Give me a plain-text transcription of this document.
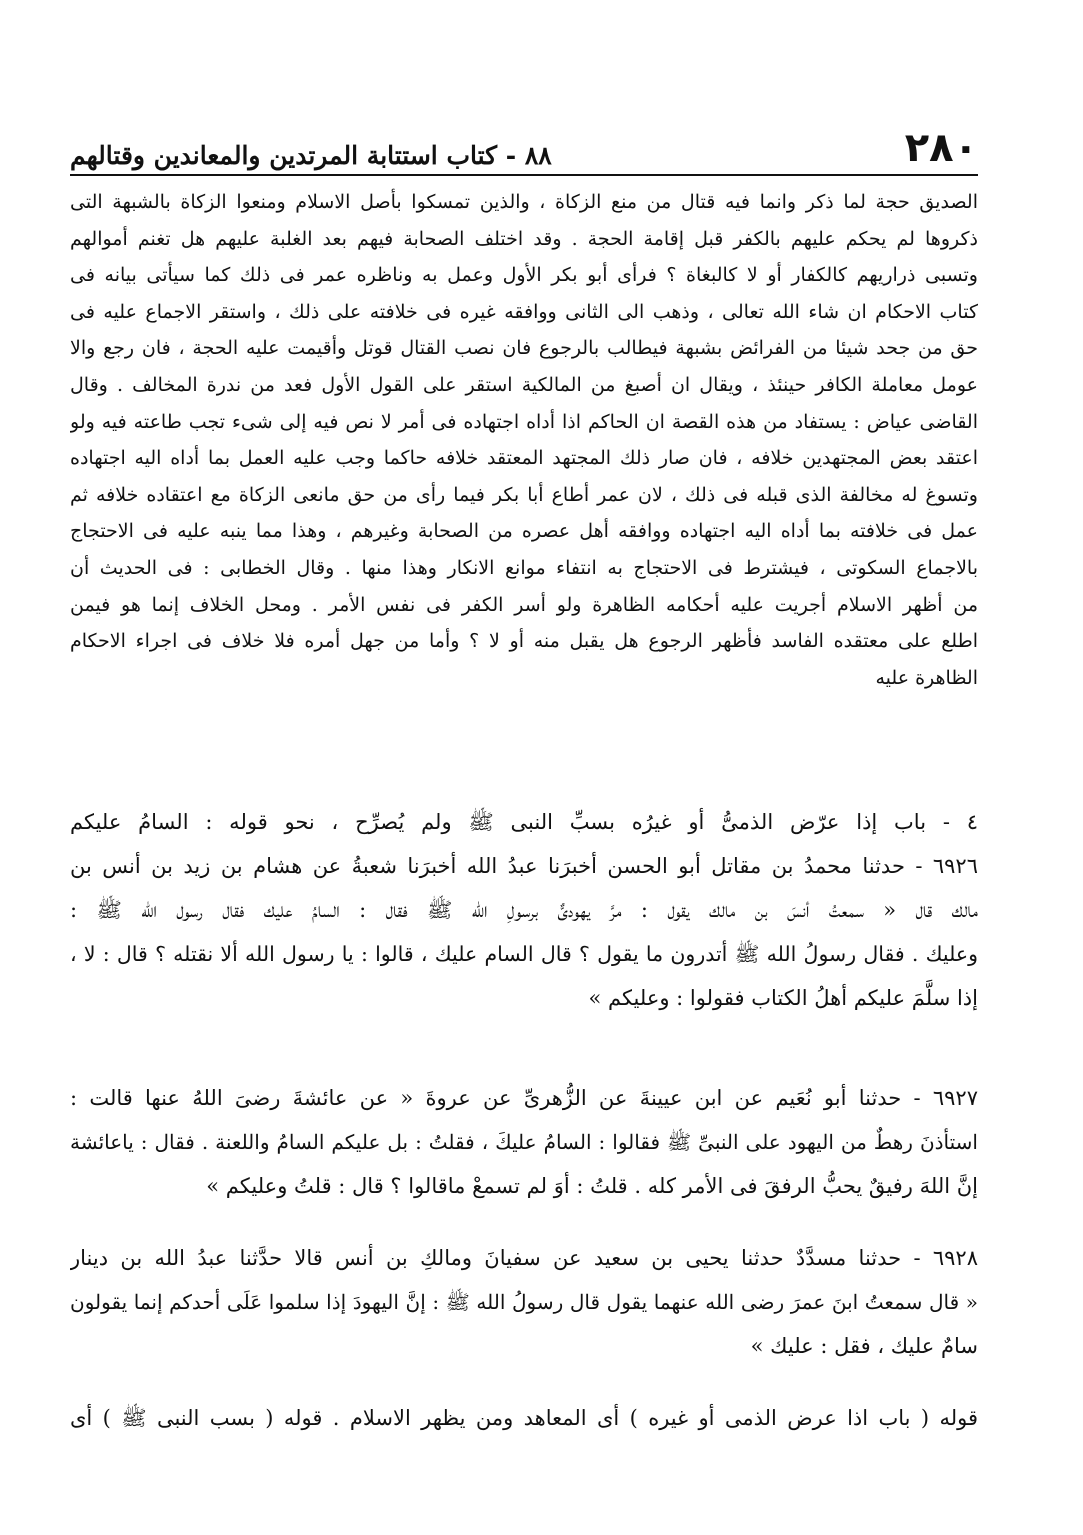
٢٨٠
٨٨ - كتاب استتابة المرتدين والمعاندين وقتالهم
الصديق حجة لما ذكر وانما فيه قتال من منع الزكاة ، والذين تمسكوا بأصل الاسلام ومنعوا الزكاة بالشبهة التى
ذكروها لم يحكم عليهم بالكفر قبل إقامة الحجة . وقد اختلف الصحابة فيهم بعد الغلبة عليهم هل تغنم أموالهم
وتسبى ذراريهم كالكفار أو لا كالبغاة ؟ فرأى أبو بكر الأول وعمل به وناظره عمر فى ذلك كما سيأتى بيانه فى
كتاب الاحكام ان شاء الله تعالى ، وذهب الى الثانى ووافقه غيره فى خلافته على ذلك ، واستقر الاجماع عليه فى
حق من جحد شيئا من الفرائض بشبهة فيطالب بالرجوع فان نصب القتال قوتل وأقيمت عليه الحجة ، فان رجع والا
عومل معاملة الكافر حينئذ ، ويقال ان أصبغ من المالكية استقر على القول الأول فعد من ندرة المخالف . وقال
القاضى عياض : يستفاد من هذه القصة ان الحاكم اذا أداه اجتهاده فى أمر لا نص فيه إلى شىء تجب طاعته فيه ولو
اعتقد بعض المجتهدين خلافه ، فان صار ذلك المجتهد المعتقد خلافه حاكما وجب عليه العمل بما أداه اليه اجتهاده
وتسوغ له مخالفة الذى قبله فى ذلك ، لان عمر أطاع أبا بكر فيما رأى من حق مانعى الزكاة مع اعتقاده خلافه ثم
عمل فى خلافته بما أداه اليه اجتهاده ووافقه أهل عصره من الصحابة وغيرهم ، وهذا مما ينبه عليه فى الاحتجاج
بالاجماع السكوتى ، فيشترط فى الاحتجاج به انتفاء موانع الانكار وهذا منها . وقال الخطابى : فى الحديث أن
من أظهر الاسلام أجريت عليه أحكامه الظاهرة ولو أسر الكفر فى نفس الأمر . ومحل الخلاف إنما هو فيمن
اطلع على معتقده الفاسد فأظهر الرجوع هل يقبل منه أو لا ؟ وأما من جهل أمره فلا خلاف فى اجراء الاحكام
الظاهرة عليه
٤ - باب إذا عرّض الذمىُّ أو غيرُه بسبِّ النبى ﷺ ولم يُصرِّح ، نحو قوله : السامُ عليكم
٦٩٢٦ - حدثنا محمدُ بن مقاتل أبو الحسن أخبرَنا عبدُ الله أخبرَنا شعبةُ عن هشام بن زيد بن أنس بن
مالك قال « سمعتُ أنسَ بن مالك يقول : مرَّ يهودىٌّ برسولِ الله ﷺ فقال : السامُ عليك فقال رسول الله ﷺ :
وعليك . فقال رسولُ الله ﷺ أتدرون ما يقول ؟ قال السام عليك ، قالوا : يا رسول الله ألا نقتله ؟ قال : لا ،
إذا سلَّمَ عليكم أهلُ الكتاب فقولوا : وعليكم »
٦٩٢٧ - حدثنا أبو نُعَيم عن ابن عيينةَ عن الزُّهرىِّ عن عروةَ « عن عائشةَ رضىَ اللهُ عنها قالت :
استأذنَ رهطٌ من اليهود على النبىِّ ﷺ فقالوا : السامُ عليكَ ، فقلتُ : بل عليكم السامُ واللعنة . فقال : ياعائشة
إنَّ اللهَ رفيقٌ يحبُّ الرفقَ فى الأمر كله . قلتُ : أوَ لم تسمعْ ماقالوا ؟ قال : قلتُ وعليكم »
٦٩٢٨ - حدثنا مسدَّدٌ حدثنا يحيى بن سعيد عن سفيانَ ومالكِ بن أنس قالا حدَّثنا عبدُ الله بن دينار
« قال سمعتُ ابنَ عمرَ رضى الله عنهما يقول قال رسولُ الله ﷺ : إنَّ اليهودَ إذا سلموا عَلَى أحدكم إنما يقولون
سامٌ عليك ، فقل : عليك »
قوله ( باب اذا عرض الذمى أو غيره ) أى المعاهد ومن يظهر الاسلام . قوله ( بسب النبى ﷺ ) أى
